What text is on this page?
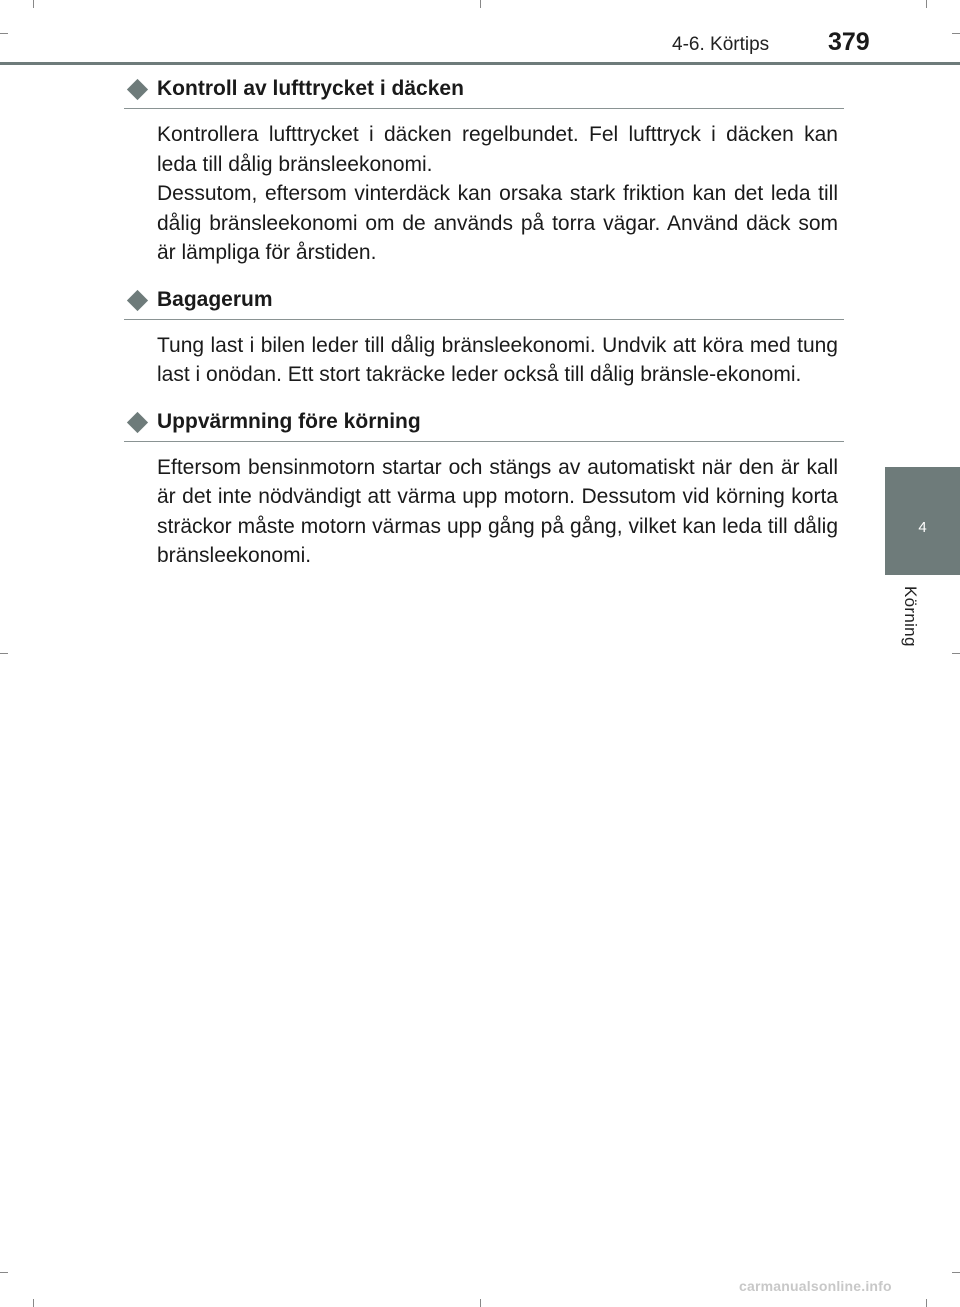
4-6. Körtips 379
4
Körning
Kontroll av lufttrycket i däcken

Kontrollera lufttrycket i däcken regelbundet. Fel lufttryck i däcken kan leda till dålig bränsleekonomi.

Dessutom, eftersom vinterdäck kan orsaka stark friktion kan det leda till dålig bränsleekonomi om de används på torra vägar. Använd däck som är lämpliga för årstiden.

Bagagerum

Tung last i bilen leder till dålig bränsleekonomi. Undvik att köra med tung last i onödan. Ett stort takräcke leder också till dålig bränsle-ekonomi.

Uppvärmning före körning

Eftersom bensinmotorn startar och stängs av automatiskt när den är kall är det inte nödvändigt att värma upp motorn. Dessutom vid körning korta sträckor måste motorn värmas upp gång på gång, vilket kan leda till dålig bränsleekonomi.

carmanualsonline.info
